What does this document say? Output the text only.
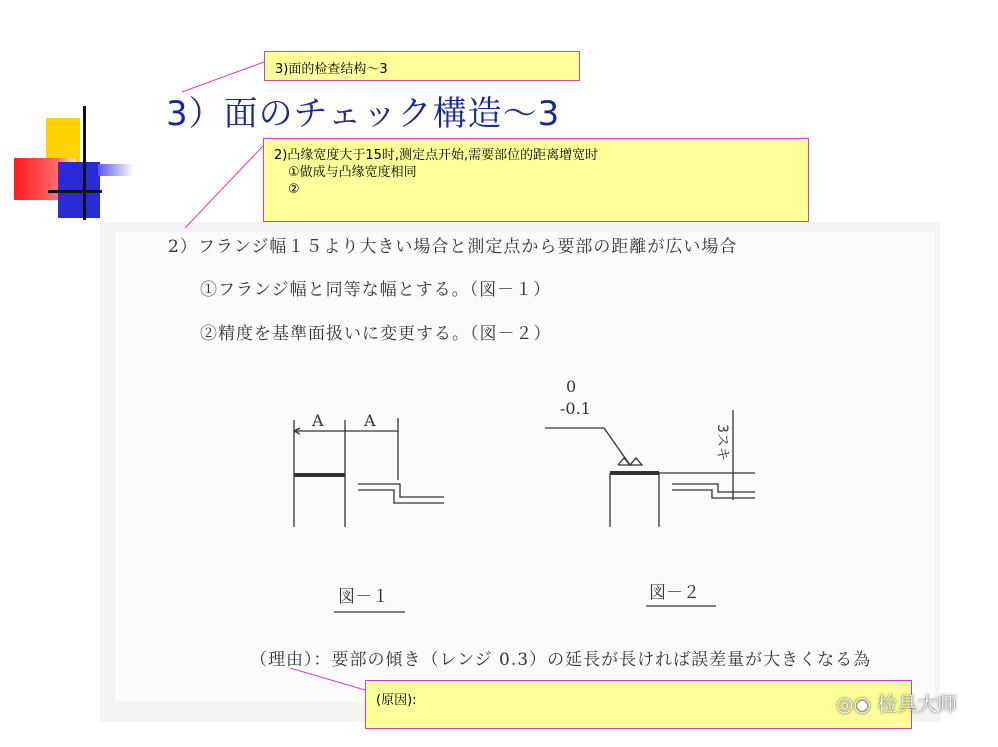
3）面のチェック構造～3
2）フランジ幅１５より大きい場合と測定点から要部の距離が広い場合
①フランジ幅と同等な幅とする。（図－１）
②精度を基準面扱いに変更する。（図－２）
（理由）：要部の傾き（レンジ 0.3）の延長が長ければ誤差量が大きくなる為
A	A
0
-0.1
3スキ
図－１	図－２
3)面的检查结构～3
2)凸缘宽度大于15时,测定点开始,需要部位的距离增宽时
①做成与凸缘宽度相同
②
(原因):	◎◉ 检具大师
